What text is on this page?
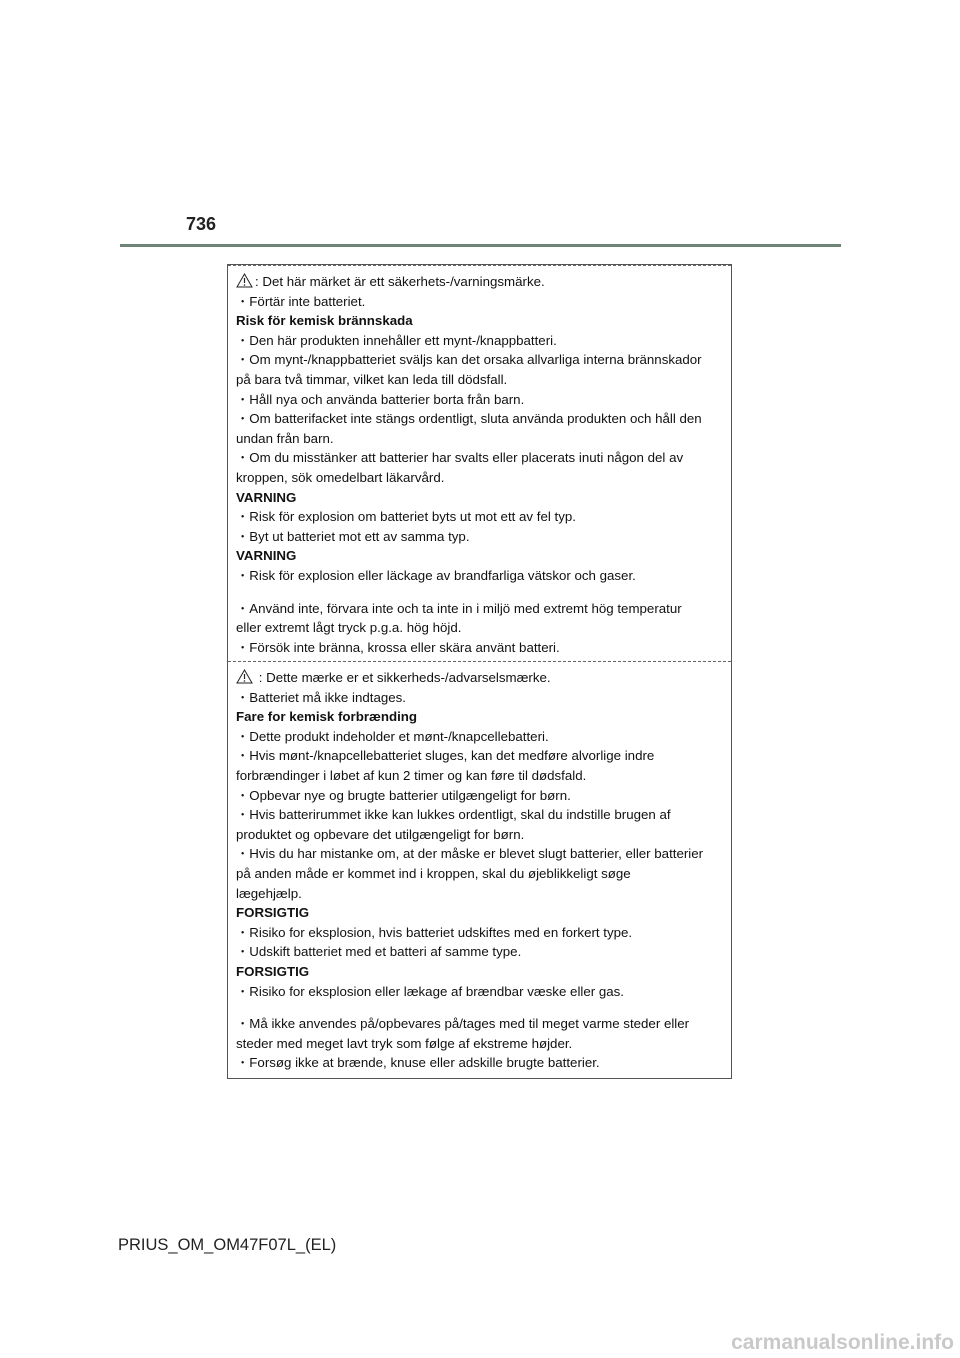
736
: Det här märket är ett säkerhets-/varningsmärke.
・Förtär inte batteriet.
Risk för kemisk brännskada
・Den här produkten innehåller ett mynt-/knappbatteri.
・Om mynt-/knappbatteriet sväljs kan det orsaka allvarliga interna brännskador
på bara två timmar, vilket kan leda till dödsfall.
・Håll nya och använda batterier borta från barn.
・Om batterifacket inte stängs ordentligt, sluta använda produkten och håll den
undan från barn.
・Om du misstänker att batterier har svalts eller placerats inuti någon del av
kroppen, sök omedelbart läkarvård.
VARNING
・Risk för explosion om batteriet byts ut mot ett av fel typ.
・Byt ut batteriet mot ett av samma typ.
VARNING
・Risk för explosion eller läckage av brandfarliga vätskor och gaser.
・Använd inte, förvara inte och ta inte in i miljö med extremt hög temperatur
eller extremt lågt tryck p.g.a. hög höjd.
・Försök inte bränna, krossa eller skära använt batteri.
: Dette mærke er et sikkerheds-/advarselsmærke.
・Batteriet må ikke indtages.
Fare for kemisk forbrænding
・Dette produkt indeholder et mønt-/knapcellebatteri.
・Hvis mønt-/knapcellebatteriet sluges, kan det medføre alvorlige indre
forbrændinger i løbet af kun 2 timer og kan føre til dødsfald.
・Opbevar nye og brugte batterier utilgængeligt for børn.
・Hvis batterirummet ikke kan lukkes ordentligt, skal du indstille brugen af
produktet og opbevare det utilgængeligt for børn.
・Hvis du har mistanke om, at der måske er blevet slugt batterier, eller batterier
på anden måde er kommet ind i kroppen, skal du øjeblikkeligt søge
lægehjælp.
FORSIGTIG
・Risiko for eksplosion, hvis batteriet udskiftes med en forkert type.
・Udskift batteriet med et batteri af samme type.
FORSIGTIG
・Risiko for eksplosion eller lækage af brændbar væske eller gas.
・Må ikke anvendes på/opbevares på/tages med til meget varme steder eller
steder med meget lavt tryk som følge af ekstreme højder.
・Forsøg ikke at brænde, knuse eller adskille brugte batterier.
PRIUS_OM_OM47F07L_(EL)
carmanualsonline.info
